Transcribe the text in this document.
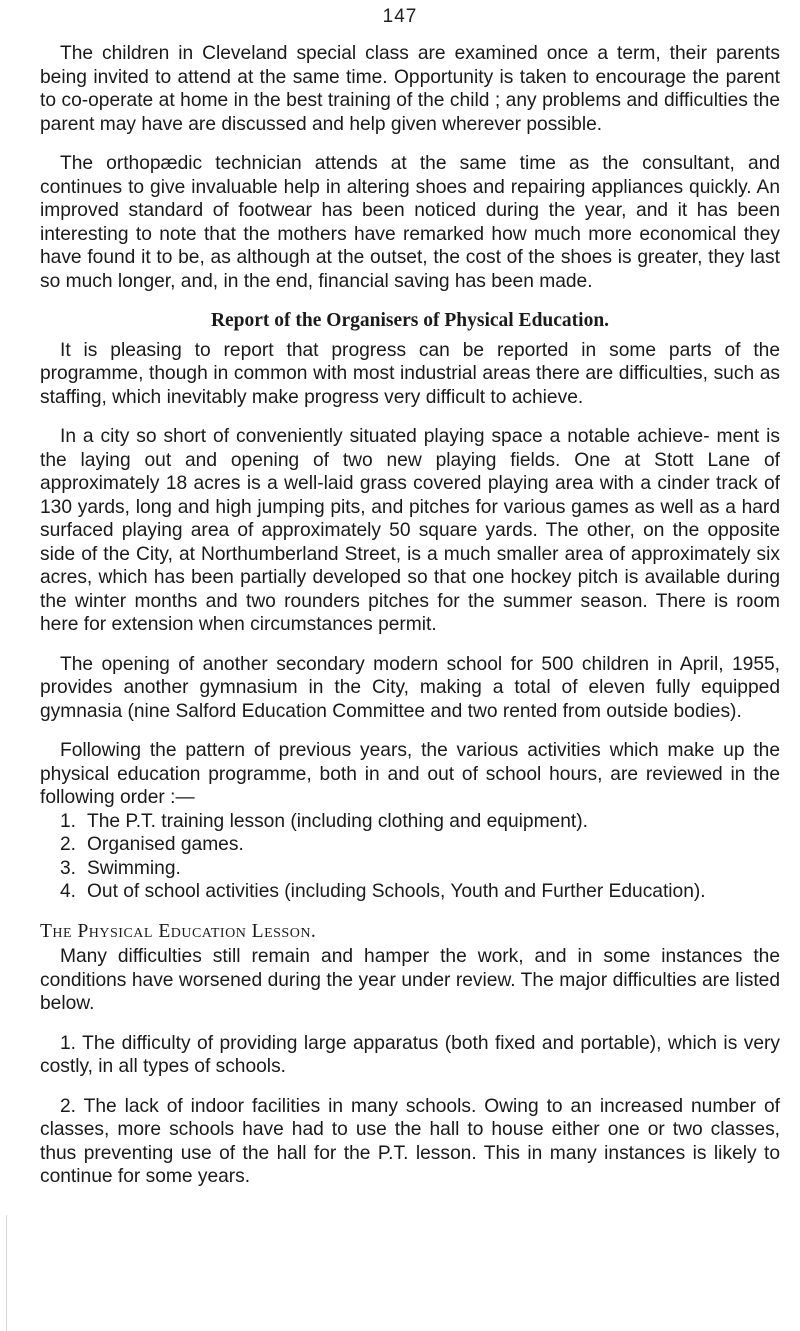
147

The children in Cleveland special class are examined once a term, their parents being invited to attend at the same time. Opportunity is taken to encourage the parent to co-operate at home in the best training of the child ; any problems and difficulties the parent may have are discussed and help given wherever possible.

The orthopædic technician attends at the same time as the consultant, and continues to give invaluable help in altering shoes and repairing appliances quickly. An improved standard of footwear has been noticed during the year, and it has been interesting to note that the mothers have remarked how much more economical they have found it to be, as although at the outset, the cost of the shoes is greater, they last so much longer, and, in the end, financial saving has been made.

Report of the Organisers of Physical Education.

It is pleasing to report that progress can be reported in some parts of the programme, though in common with most industrial areas there are difficulties, such as staffing, which inevitably make progress very difficult to achieve.

In a city so short of conveniently situated playing space a notable achieve- ment is the laying out and opening of two new playing fields. One at Stott Lane of approximately 18 acres is a well-laid grass covered playing area with a cinder track of 130 yards, long and high jumping pits, and pitches for various games as well as a hard surfaced playing area of approximately 50 square yards. The other, on the opposite side of the City, at Northumberland Street, is a much smaller area of approximately six acres, which has been partially developed so that one hockey pitch is available during the winter months and two rounders pitches for the summer season. There is room here for extension when circumstances permit.

The opening of another secondary modern school for 500 children in April, 1955, provides another gymnasium in the City, making a total of eleven fully equipped gymnasia (nine Salford Education Committee and two rented from outside bodies).

Following the pattern of previous years, the various activities which make up the physical education programme, both in and out of school hours, are reviewed in the following order :—

1. The P.T. training lesson (including clothing and equipment).
2. Organised games.
3. Swimming.
4. Out of school activities (including Schools, Youth and Further Education).
The Physical Education Lesson.

Many difficulties still remain and hamper the work, and in some instances the conditions have worsened during the year under review. The major difficulties are listed below.

1. The difficulty of providing large apparatus (both fixed and portable), which is very costly, in all types of schools.

2. The lack of indoor facilities in many schools. Owing to an increased number of classes, more schools have had to use the hall to house either one or two classes, thus preventing use of the hall for the P.T. lesson. This in many instances is likely to continue for some years.
